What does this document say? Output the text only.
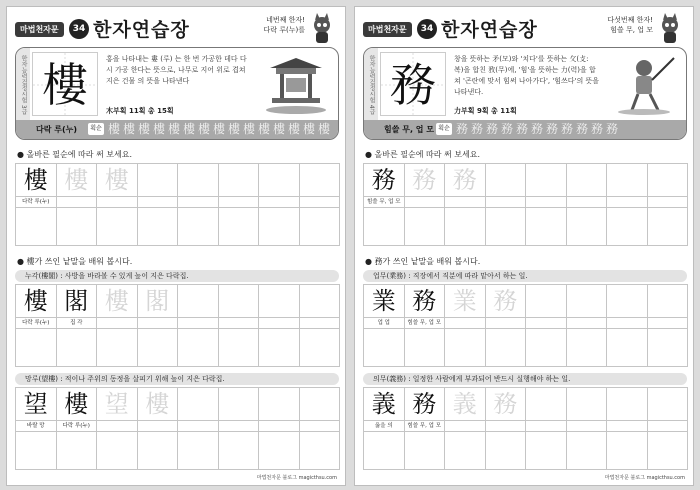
마법천자문	34 한자연습장	네번째 한자!
다락 루(누)를
한자능력검정시험 3급 樓	홍을 나타내는 婁 (루) 는 한 번 가공한 데다 다시 가공 한다는 뜻으로, 나무로 지어 위로 겹쳐 지은 건물 의 뜻을 나타낸다
木부획 11획 총 15획
다락 루(누)	획순 樓樓樓樓樓樓樓樓樓樓樓樓樓樓樓
● 올바른 필순에 따라 써 보세요.
樓	樓	樓					
다락 루(누)							

● 樓가 쓰인 낱말을 배워 봅시다.
누각(樓閣) : 사방을 바라볼 수 있게 높이 지은 다락집.
樓	閣	樓	閣				
다락 루(누)	집 각						

망루(望樓) : 적이나 주위의 동정을 살피기 위해 높이 지은 다락집.
望	樓	望	樓				
바랄 망	다락 루(누)						

마법천자문 블로그 magicthsu.com
마법천자문	34 한자연습장	다섯번째 한자!
힘쓸 무, 업 모
한자능력검정시험 4급 務	창을 뜻하는 矛(모)와 '치다'를 뜻하는 攵(攴: 복)을 합친 敄(무)에, '힘'을 뜻하는 力(력)을 합쳐 '곤란에 맞서 힘써 나아가다', '힘쓰다'의 뜻을 나타낸다.
力부획 9획 총 11획
힘쓸 무, 업 모 획순 務務務務務務務務務務務
● 올바른 필순에 따라 써 보세요.
務	務	務					
힘쓸 무, 업 모							

● 務가 쓰인 낱말을 배워 봅시다.
업무(業務) : 직장에서 직분에 따라 맡아서 하는 일.
業	務	業	務				
업 업	힘쓸 무, 업 모						

의무(義務) : 일정한 사람에게 부과되어 반드시 실행해야 하는 일.
義	務	義	務				
옳을 의	힘쓸 무, 업 모						

마법천자문 블로그 magicthsu.com
